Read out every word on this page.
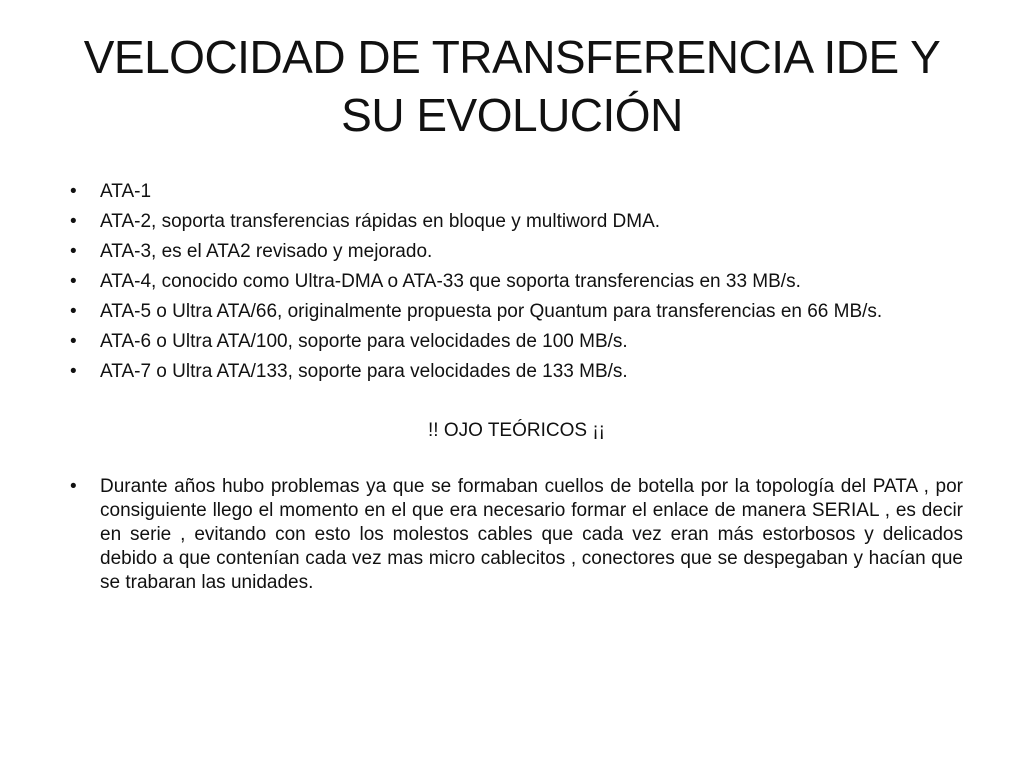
VELOCIDAD DE TRANSFERENCIA IDE Y
SU EVOLUCIÓN
•	ATA-1
•	ATA-2, soporta transferencias rápidas en bloque y multiword DMA.
•	ATA-3, es el ATA2 revisado y mejorado.
•	ATA-4, conocido como Ultra-DMA o ATA-33 que soporta transferencias en 33 MB/s.
•	ATA-5 o Ultra ATA/66, originalmente propuesta por Quantum para transferencias en 66 MB/s.
•	ATA-6 o Ultra ATA/100, soporte para velocidades de 100 MB/s.
•	ATA-7 o Ultra ATA/133, soporte para velocidades de 133 MB/s.
!! OJO TEÓRICOS ¡¡
•	Durante años hubo problemas ya que se formaban cuellos de botella por la topología del PATA , por consiguiente llego el momento en el que era necesario formar el enlace de manera SERIAL , es decir en serie , evitando con esto los molestos cables que cada vez eran más estorbosos y delicados debido a que contenían cada vez mas micro cablecitos , conectores que se despegaban y hacían que se trabaran las unidades.
